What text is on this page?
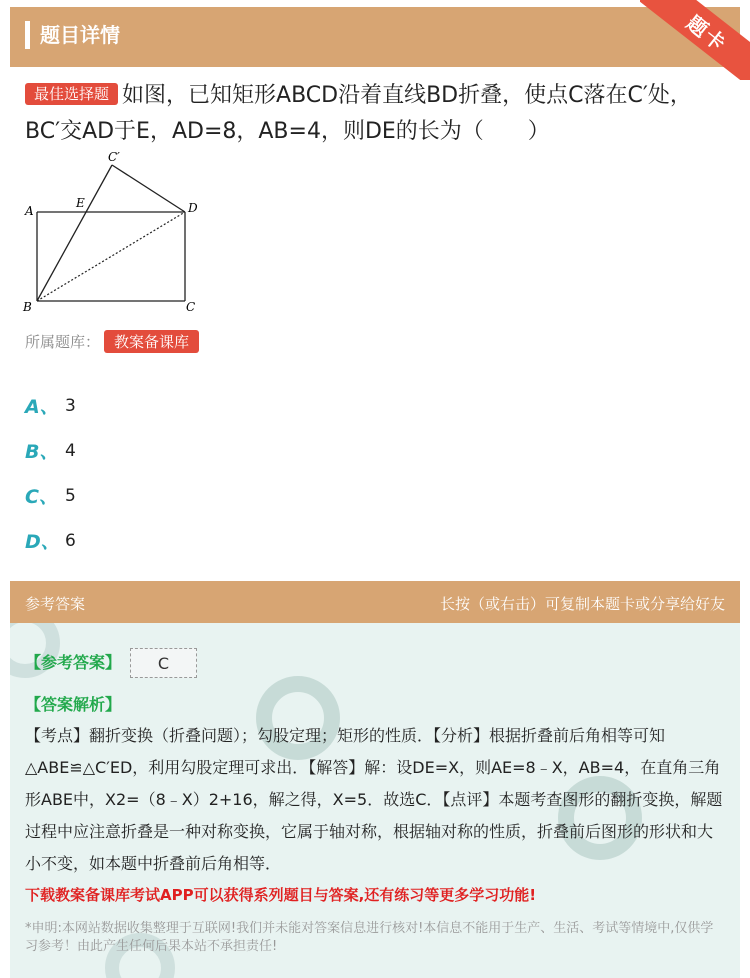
题目详情	题卡
最佳选择题 如图，已知矩形ABCD沿着直线BD折叠，使点C落在C′处，BC′交AD于E，AD=8，AB=4，则DE的长为（　　）
C′
A
E	D
B	C
所属题库： 教案备课库
A、 3
B、 4
C、 5
D、 6
参考答案	长按（或右击）可复制本题卡或分享给好友
【参考答案】	C
【答案解析】
【考点】翻折变换（折叠问题）；勾股定理；矩形的性质．【分析】根据折叠前后角相等可知△ABE≌△C′ED，利用勾股定理可求出．【解答】解：设DE=X，则AE=8﹣X，AB=4，在直角三角形ABE中，X2=（8﹣X）2+16，解之得，X=5．故选C．【点评】本题考查图形的翻折变换，解题过程中应注意折叠是一种对称变换，它属于轴对称，根据轴对称的性质，折叠前后图形的形状和大小不变，如本题中折叠前后角相等．
下载教案备课库考试APP可以获得系列题目与答案,还有练习等更多学习功能!
*申明:本网站数据收集整理于互联网!我们并未能对答案信息进行核对!本信息不能用于生产、生活、考试等情境中,仅供学习参考！由此产生任何后果本站不承担责任!
